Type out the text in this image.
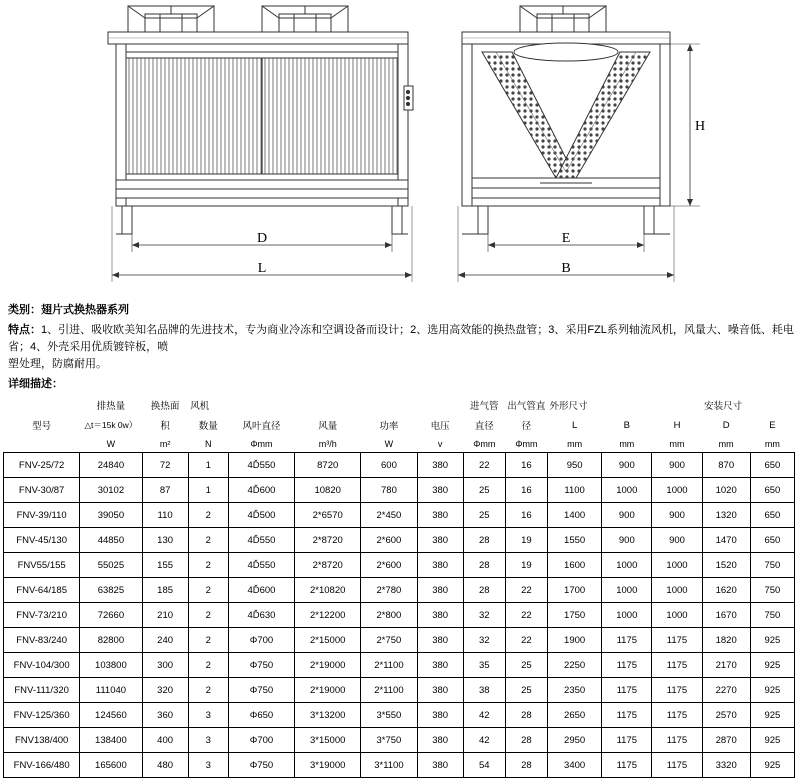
D
L
E
B
H
类别：翅片式换热器系列
特点：1、引进、吸收欧美知名品牌的先进技术，专为商业冷冻和空调设备而设计；2、选用高效能的换热盘管；3、采用FZL系列轴流风机，风量大、噪音低、耗电省；4、外壳采用优质镀锌板，喷
塑处理，防腐耐用。
详细描述：
	排热量	换热面	风机					进气管	出气管直	外形尺寸			安装尺寸	
型号	△t＝15k 0w）	积	数量	风叶直径	风量	功率	电压	直径	径	L	B	H	D	E
	W	m²	N	Φmm	m³/h	W	v	Φmm	Φmm	mm	mm	mm	mm	mm
FNV-25/72	24840	72	1	4Ď550	8720	600	380	22	16	950	900	900	870	650
FNV-30/87	30102	87	1	4Ď600	10820	780	380	25	16	1100	1000	1000	1020	650
FNV-39/110	39050	110	2	4Ď500	2*6570	2*450	380	25	16	1400	900	900	1320	650
FNV-45/130	44850	130	2	4Ď550	2*8720	2*600	380	28	19	1550	900	900	1470	650
FNV55/155	55025	155	2	4Ď550	2*8720	2*600	380	28	19	1600	1000	1000	1520	750
FNV-64/185	63825	185	2	4Ď600	2*10820	2*780	380	28	22	1700	1000	1000	1620	750
FNV-73/210	72660	210	2	4Ď630	2*12200	2*800	380	32	22	1750	1000	1000	1670	750
FNV-83/240	82800	240	2	Φ700	2*15000	2*750	380	32	22	1900	1175	1175	1820	925
FNV-104/300	103800	300	2	Φ750	2*19000	2*1100	380	35	25	2250	1175	1175	2170	925
FNV-111/320	111040	320	2	Φ750	2*19000	2*1100	380	38	25	2350	1175	1175	2270	925
FNV-125/360	124560	360	3	Φ650	3*13200	3*550	380	42	28	2650	1175	1175	2570	925
FNV138/400	138400	400	3	Φ700	3*15000	3*750	380	42	28	2950	1175	1175	2870	925
FNV-166/480	165600	480	3	Φ750	3*19000	3*1100	380	54	28	3400	1175	1175	3320	925
